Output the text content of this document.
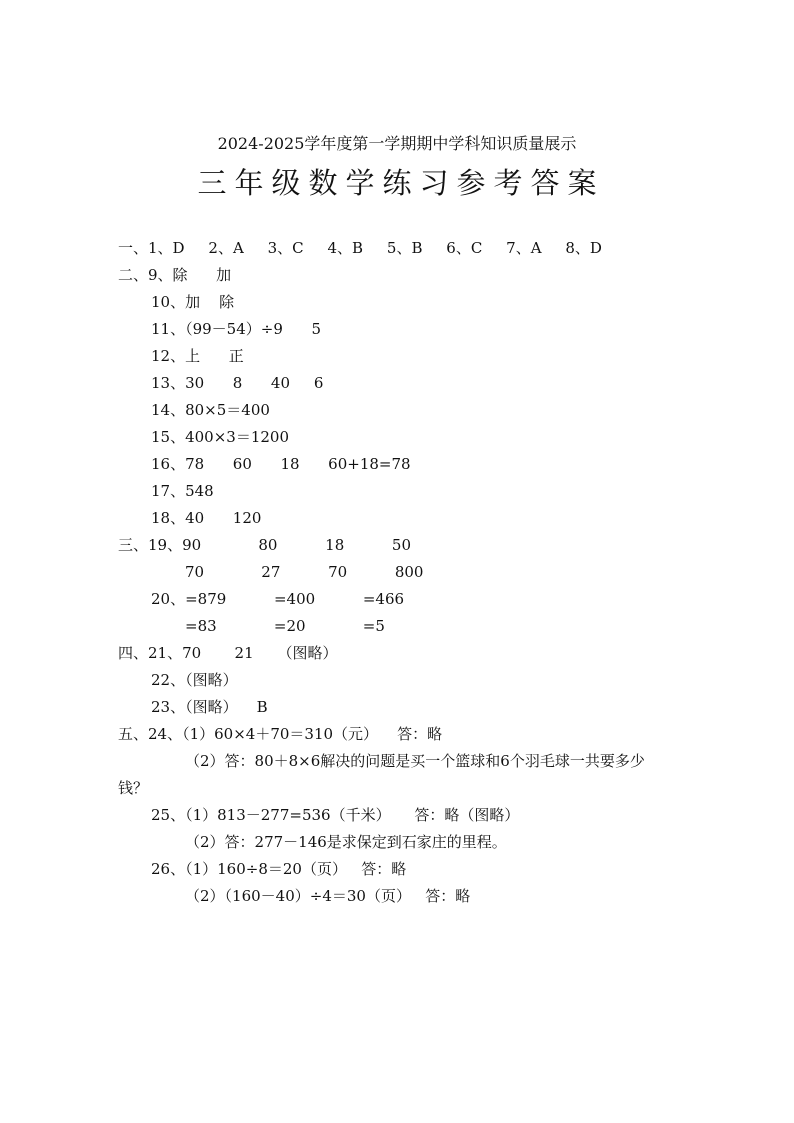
2024-2025学年度第一学期期中学科知识质量展示
三年级数学练习参考答案
一、1、D     2、A     3、C     4、B     5、B     6、C     7、A     8、D
二、9、除      加
10、加    除
11、（99－54）÷9      5
12、上      正
13、30      8      40     6
14、80×5＝400
15、400×3＝1200
16、78      60      18      60+18=78
17、548
18、40      120
三、19、90            80          18          50
70            27          70          800
20、=879          =400          =466
=83            =20            =5
四、21、70       21     （图略）
22、（图略）
23、（图略）    B
五、24、（1）60×4＋70＝310（元）    答：略
（2）答：80＋8×6解决的问题是买一个篮球和6个羽毛球一共要多少
钱？
25、（1）813－277=536（千米）     答：略（图略）
（2）答：277－146是求保定到石家庄的里程。
26、（1）160÷8＝20（页）   答：略
（2）（160－40）÷4＝30（页）   答：略
